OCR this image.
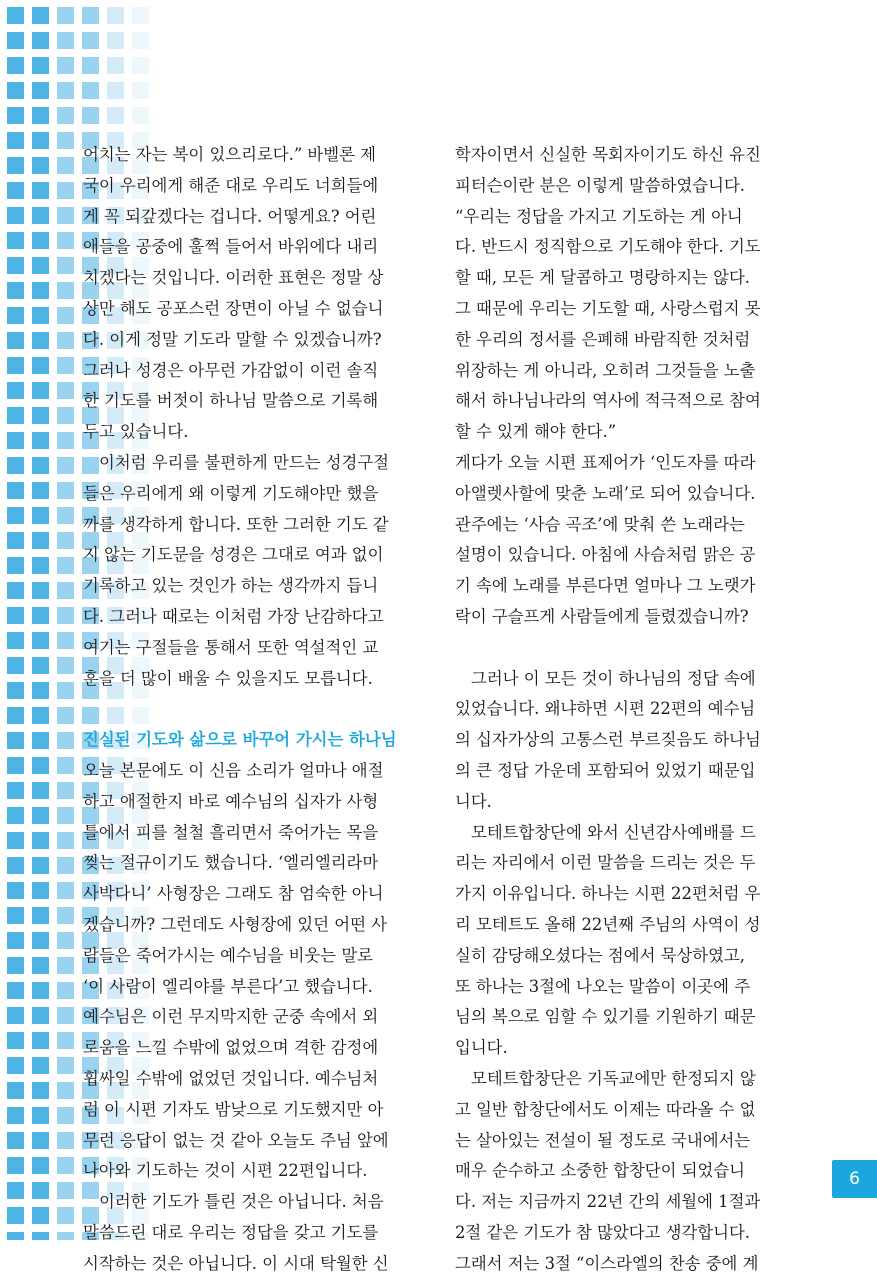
어치는 자는 복이 있으리로다.” 바벨론 제

국이 우리에게 해준 대로 우리도 너희들에

게 꼭 되갚겠다는 겁니다. 어떻게요? 어린

애들을 공중에 훌쩍 들어서 바위에다 내리

치겠다는 것입니다. 이러한 표현은 정말 상

상만 해도 공포스런 장면이 아닐 수 없습니

다. 이게 정말 기도라 말할 수 있겠습니까?

그러나 성경은 아무런 가감없이 이런 솔직

한 기도를 버젓이 하나님 말씀으로 기록해

두고 있습니다.

이처럼 우리를 불편하게 만드는 성경구절

들은 우리에게 왜 이렇게 기도해야만 했을

까를 생각하게 합니다. 또한 그러한 기도 같

지 않는 기도문을 성경은 그대로 여과 없이

기록하고 있는 것인가 하는 생각까지 듭니

다. 그러나 때로는 이처럼 가장 난감하다고

여기는 구절들을 통해서 또한 역설적인 교

훈을 더 많이 배울 수 있을지도 모릅니다.

진실된 기도와 삶으로 바꾸어 가시는 하나님

오늘 본문에도 이 신음 소리가 얼마나 애절

하고 애절한지 바로 예수님의 십자가 사형

틀에서 피를 철철 흘리면서 죽어가는 목을

찢는 절규이기도 했습니다. ‘엘리엘리라마

사박다니’ 사형장은 그래도 참 엄숙한 아니

겠습니까? 그런데도 사형장에 있던 어떤 사

람들은 죽어가시는 예수님을 비웃는 말로

‘이 사람이 엘리야를 부른다’고 했습니다.

예수님은 이런 무지막지한 군중 속에서 외

로움을 느낄 수밖에 없었으며 격한 감정에

휩싸일 수밖에 없었던 것입니다. 예수님처

럼 이 시편 기자도 밤낮으로 기도했지만 아

무런 응답이 없는 것 같아 오늘도 주님 앞에

나아와 기도하는 것이 시편 22편입니다.

이러한 기도가 틀린 것은 아닙니다. 처음

말씀드린 대로 우리는 정답을 갖고 기도를

시작하는 것은 아닙니다. 이 시대 탁월한 신

학자이면서 신실한 목회자이기도 하신 유진

피터슨이란 분은 이렇게 말씀하였습니다.

“우리는 정답을 가지고 기도하는 게 아니

다. 반드시 정직함으로 기도해야 한다. 기도

할 때, 모든 게 달콤하고 명랑하지는 않다.

그 때문에 우리는 기도할 때, 사랑스럽지 못

한 우리의 정서를 은폐해 바람직한 것처럼

위장하는 게 아니라, 오히려 그것들을 노출

해서 하나님나라의 역사에 적극적으로 참여

할 수 있게 해야 한다.”

게다가 오늘 시편 표제어가 ‘인도자를 따라

아앨렛사할에 맞춘 노래’로 되어 있습니다.

관주에는 ‘사슴 곡조’에 맞춰 쓴 노래라는

설명이 있습니다. 아침에 사슴처럼 맑은 공

기 속에 노래를 부른다면 얼마나 그 노랫가

락이 구슬프게 사람들에게 들렸겠습니까?

그러나 이 모든 것이 하나님의 정답 속에

있었습니다. 왜냐하면 시편 22편의 예수님

의 십자가상의 고통스런 부르짖음도 하나님

의 큰 정답 가운데 포함되어 있었기 때문입

니다.

모테트합창단에 와서 신년감사예배를 드

리는 자리에서 이런 말씀을 드리는 것은 두

가지 이유입니다. 하나는 시편 22편처럼 우

리 모테트도 올해 22년째 주님의 사역이 성

실히 감당해오셨다는 점에서 묵상하였고,

또 하나는 3절에 나오는 말씀이 이곳에 주

님의 복으로 임할 수 있기를 기원하기 때문

입니다.

모테트합창단은 기독교에만 한정되지 않

고 일반 합창단에서도 이제는 따라올 수 없

는 살아있는 전설이 될 정도로 국내에서는

매우 순수하고 소중한 합창단이 되었습니

다. 저는 지금까지 22년 간의 세월에 1절과

2절 같은 기도가 참 많았다고 생각합니다.

그래서 저는 3절 “이스라엘의 찬송 중에 계

6
